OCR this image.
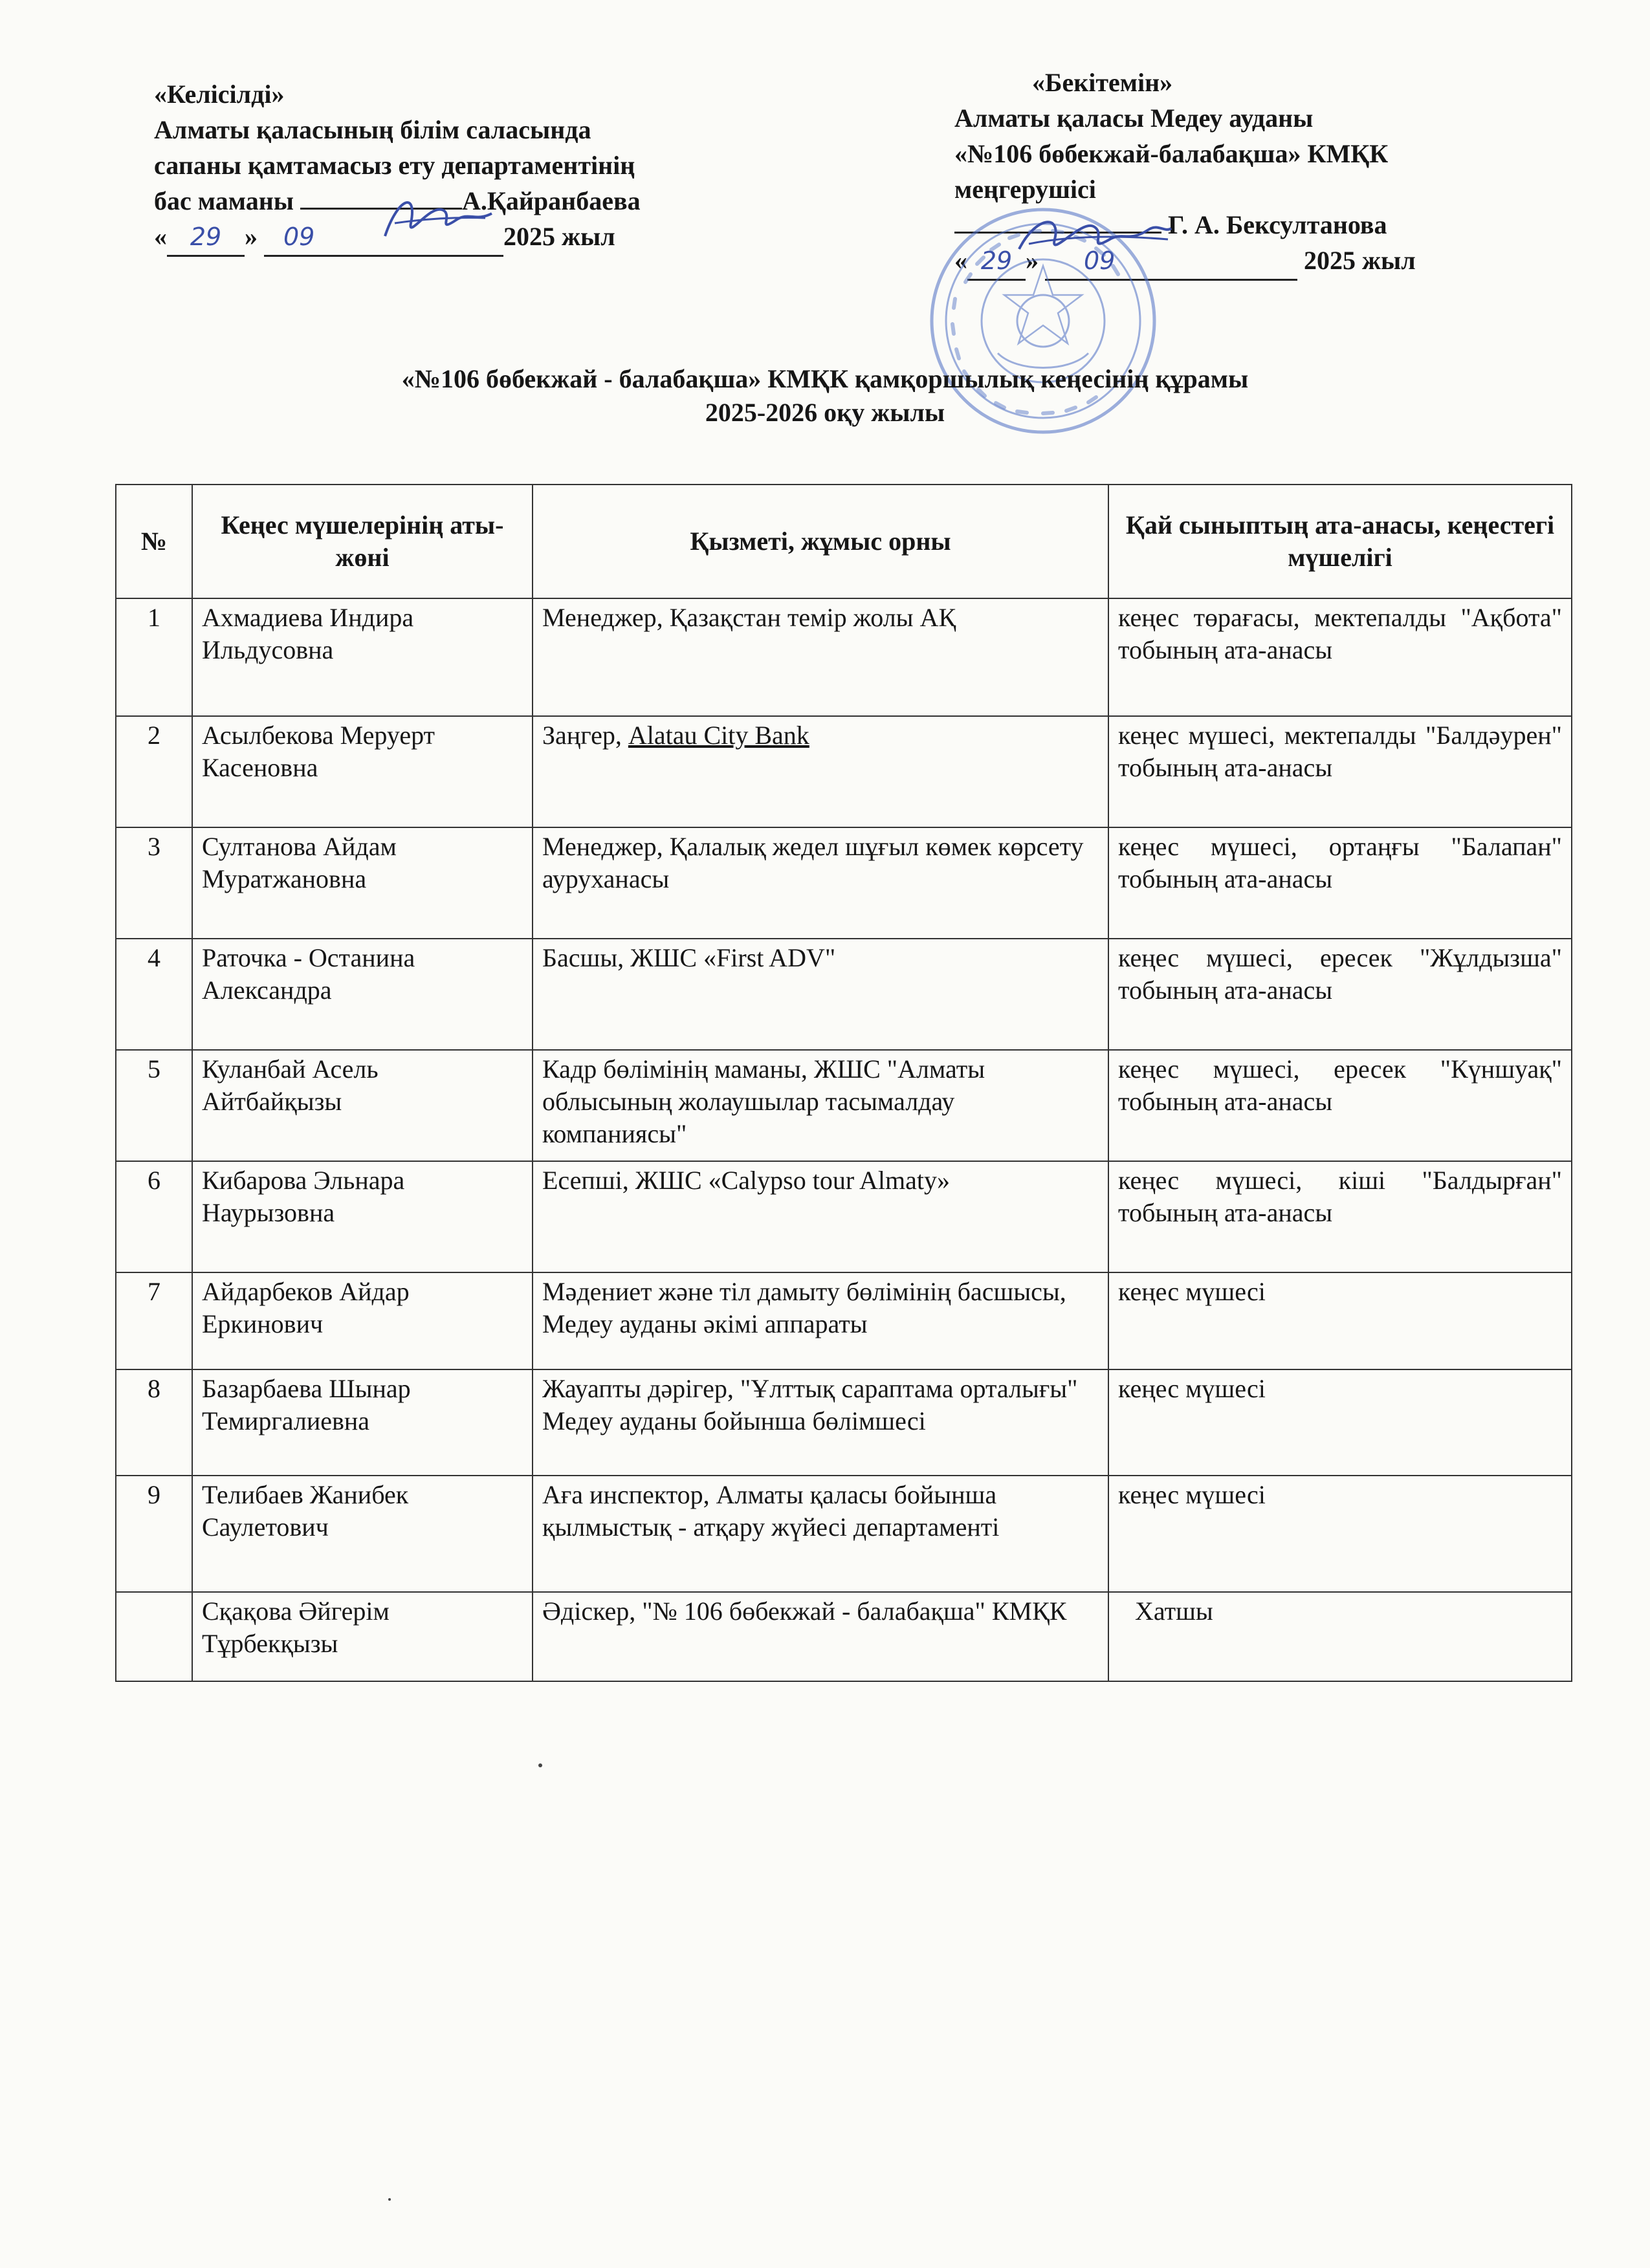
«Келісілді»
Алматы қаласының білім саласында
сапаны қамтамасыз ету департаментінің
бас маманы	А.Қайранбаева
« 29 » 09	2025 жыл
«Бекітемін»
Алматы қаласы Медеу ауданы
«№106 бөбекжай-балабақша» КМҚК
меңгерушісі
Г. А. Бексултанова
« 29 » 09	2025 жыл
«№106 бөбекжай - балабақша» КМҚК қамқоршылық кеңесінің құрамы
2025-2026 оқу жылы
№	Кеңес мүшелерінің аты-жөні	Қызметі, жұмыс орны	Қай сыныптың ата-анасы, кеңестегі мүшелігі
1	Ахмадиева Индира Ильдусовна	Менеджер, Қазақстан темір жолы АҚ	кеңес төрағасы, мектепалды "Ақбота" тобының ата-анасы
2	Асылбекова Меруерт Касеновна	Заңгер, Alatau City Bank	кеңес мүшесі, мектепалды "Балдәурен" тобының ата-анасы
3	Султанова Айдам Муратжановна	Менеджер, Қалалық жедел шұғыл көмек көрсету ауруханасы	кеңес мүшесі, ортаңғы "Балапан" тобының ата-анасы
4	Раточка - Останина Александра	Басшы, ЖШС «First ADV"	кеңес мүшесі, ересек "Жұлдызша" тобының ата-анасы
5	Куланбай Асель Айтбайқызы	Кадр бөлімінің маманы, ЖШС "Алматы облысының жолаушылар тасымалдау компаниясы"	кеңес мүшесі, ересек "Күншуақ" тобының ата-анасы
6	Кибарова Эльнара Наурызовна	Есепші, ЖШС «Calypso tour Almaty»	кеңес мүшесі, кіші "Балдырған" тобының ата-анасы
7	Айдарбеков Айдар Еркинович	Мәдениет және тіл дамыту бөлімінің басшысы, Медеу ауданы әкімі аппараты	кеңес мүшесі
8	Базарбаева Шынар Темиргалиевна	Жауапты дәрігер, "Ұлттық сараптама орталығы" Медеу ауданы бойынша бөлімшесі	кеңес мүшесі
9	Телибаев Жанибек Саулетович	Аға инспектор, Алматы қаласы бойынша қылмыстық - атқару жүйесі департаменті	кеңес мүшесі
	Сқақова Әйгерім Тұрбекқызы	Әдіскер, "№ 106 бөбекжай - балабақша" КМҚК	Хатшы
